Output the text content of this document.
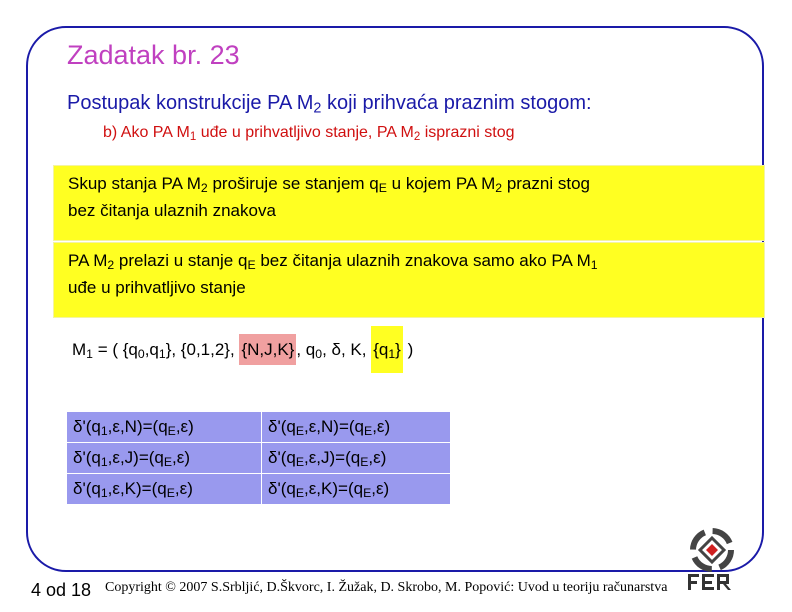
Zadatak br. 23
Postupak konstrukcije PA $M_2$ koji prihvaća praznim stogom:
b) Ako PA $M_1$ uđe u prihvatljivo stanje, PA $M_2$ isprazni stog
Skup stanja PA $M_2$ proširuje se stanjem $q_E$ u kojem PA $M_2$ prazni stog
bez čitanja ulaznih znakova
PA $M_2$ prelazi u stanje $q_E$ bez čitanja ulaznih znakova samo ako PA $M_1$
uđe u prihvatljivo stanje
$M_1$ = ( $\{q_0,q_1\}$, {0,1,2}, {N,J,K} , $q_0$, δ, K, $\{q_1\}$ )
$\delta'(q_1,\varepsilon,N)=(q_E,\varepsilon)$	$\delta'(q_E,\varepsilon,N)=(q_E,\varepsilon)$
$\delta'(q_1,\varepsilon,J)=(q_E,\varepsilon)$	$\delta'(q_E,\varepsilon,J)=(q_E,\varepsilon)$
$\delta'(q_1,\varepsilon,K)=(q_E,\varepsilon)$	$\delta'(q_E,\varepsilon,K)=(q_E,\varepsilon)$
4 od 18 Copyright © 2007 S.Srbljić, D.Škvorc, I. Žužak, D. Skrobo, M. Popović: Uvod u teoriju računarstva
